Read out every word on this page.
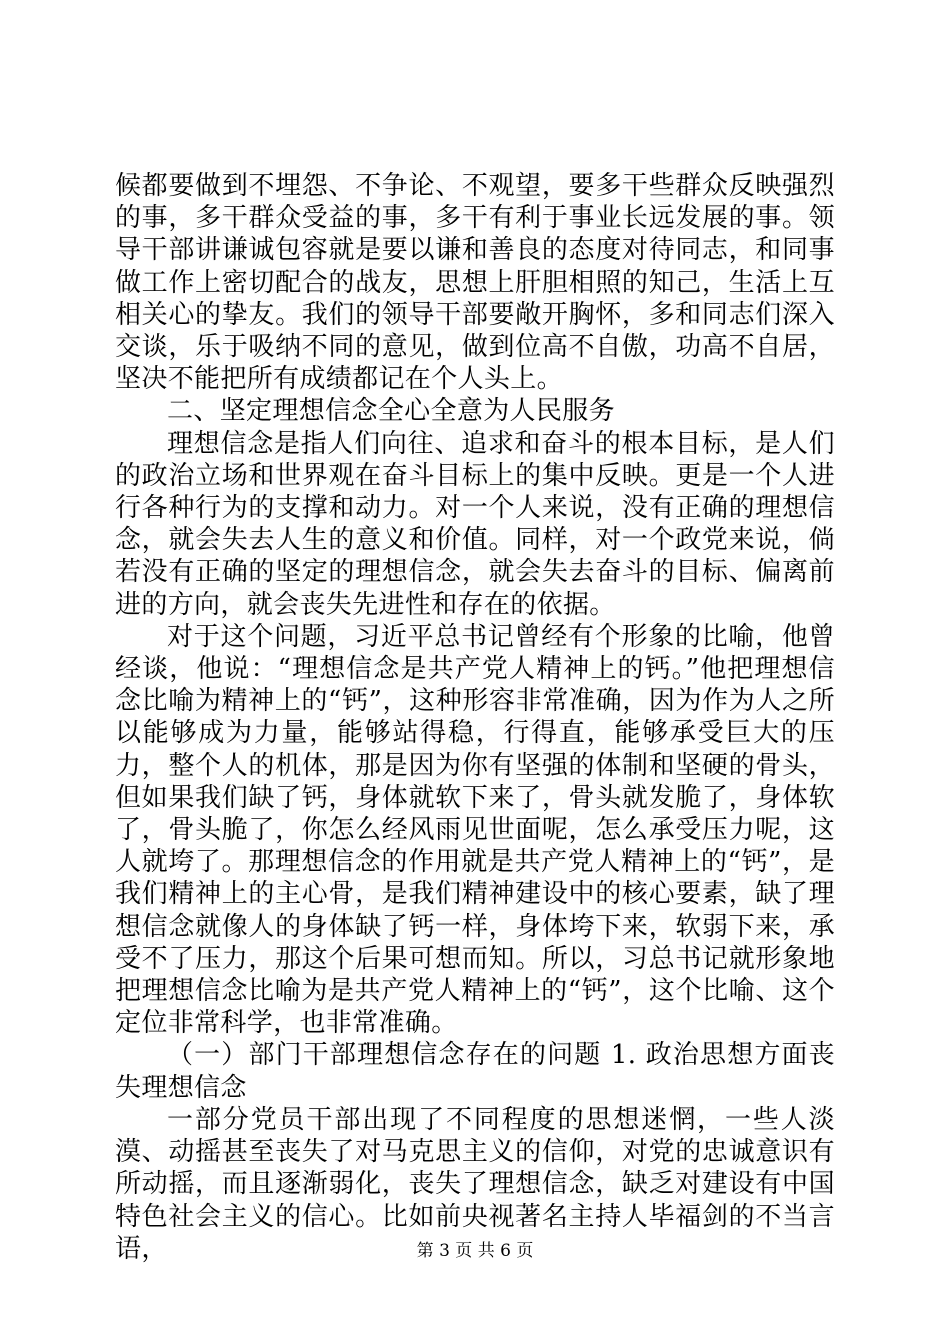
候都要做到不埋怨、不争论、不观望，要多干些群众反映强烈的事，多干群众受益的事，多干有利于事业长远发展的事。领导干部讲谦诚包容就是要以谦和善良的态度对待同志，和同事做工作上密切配合的战友，思想上肝胆相照的知己，生活上互相关心的挚友。我们的领导干部要敞开胸怀，多和同志们深入交谈，乐于吸纳不同的意见，做到位高不自傲，功高不自居，坚决不能把所有成绩都记在个人头上。

二、坚定理想信念全心全意为人民服务

理想信念是指人们向往、追求和奋斗的根本目标，是人们的政治立场和世界观在奋斗目标上的集中反映。更是一个人进行各种行为的支撑和动力。对一个人来说，没有正确的理想信念，就会失去人生的意义和价值。同样，对一个政党来说，倘若没有正确的坚定的理想信念，就会失去奋斗的目标、偏离前进的方向，就会丧失先进性和存在的依据。

对于这个问题，习近平总书记曾经有个形象的比喻，他曾经谈，他说：“理想信念是共产党人精神上的钙。”他把理想信念比喻为精神上的“钙”，这种形容非常准确，因为作为人之所以能够成为力量，能够站得稳，行得直，能够承受巨大的压力，整个人的机体，那是因为你有坚强的体制和坚硬的骨头，但如果我们缺了钙，身体就软下来了，骨头就发脆了，身体软了，骨头脆了，你怎么经风雨见世面呢，怎么承受压力呢，这人就垮了。那理想信念的作用就是共产党人精神上的“钙”，是我们精神上的主心骨，是我们精神建设中的核心要素，缺了理想信念就像人的身体缺了钙一样，身体垮下来，软弱下来，承受不了压力，那这个后果可想而知。所以，习总书记就形象地把理想信念比喻为是共产党人精神上的“钙”，这个比喻、这个定位非常科学，也非常准确。

（一）部门干部理想信念存在的问题 1. 政治思想方面丧失理想信念

一部分党员干部出现了不同程度的思想迷惘，一些人淡漠、动摇甚至丧失了对马克思主义的信仰，对党的忠诚意识有所动摇，而且逐渐弱化，丧失了理想信念，缺乏对建设有中国特色社会主义的信心。比如前央视著名主持人毕福剑的不当言语，	第 3 页 共 6 页
